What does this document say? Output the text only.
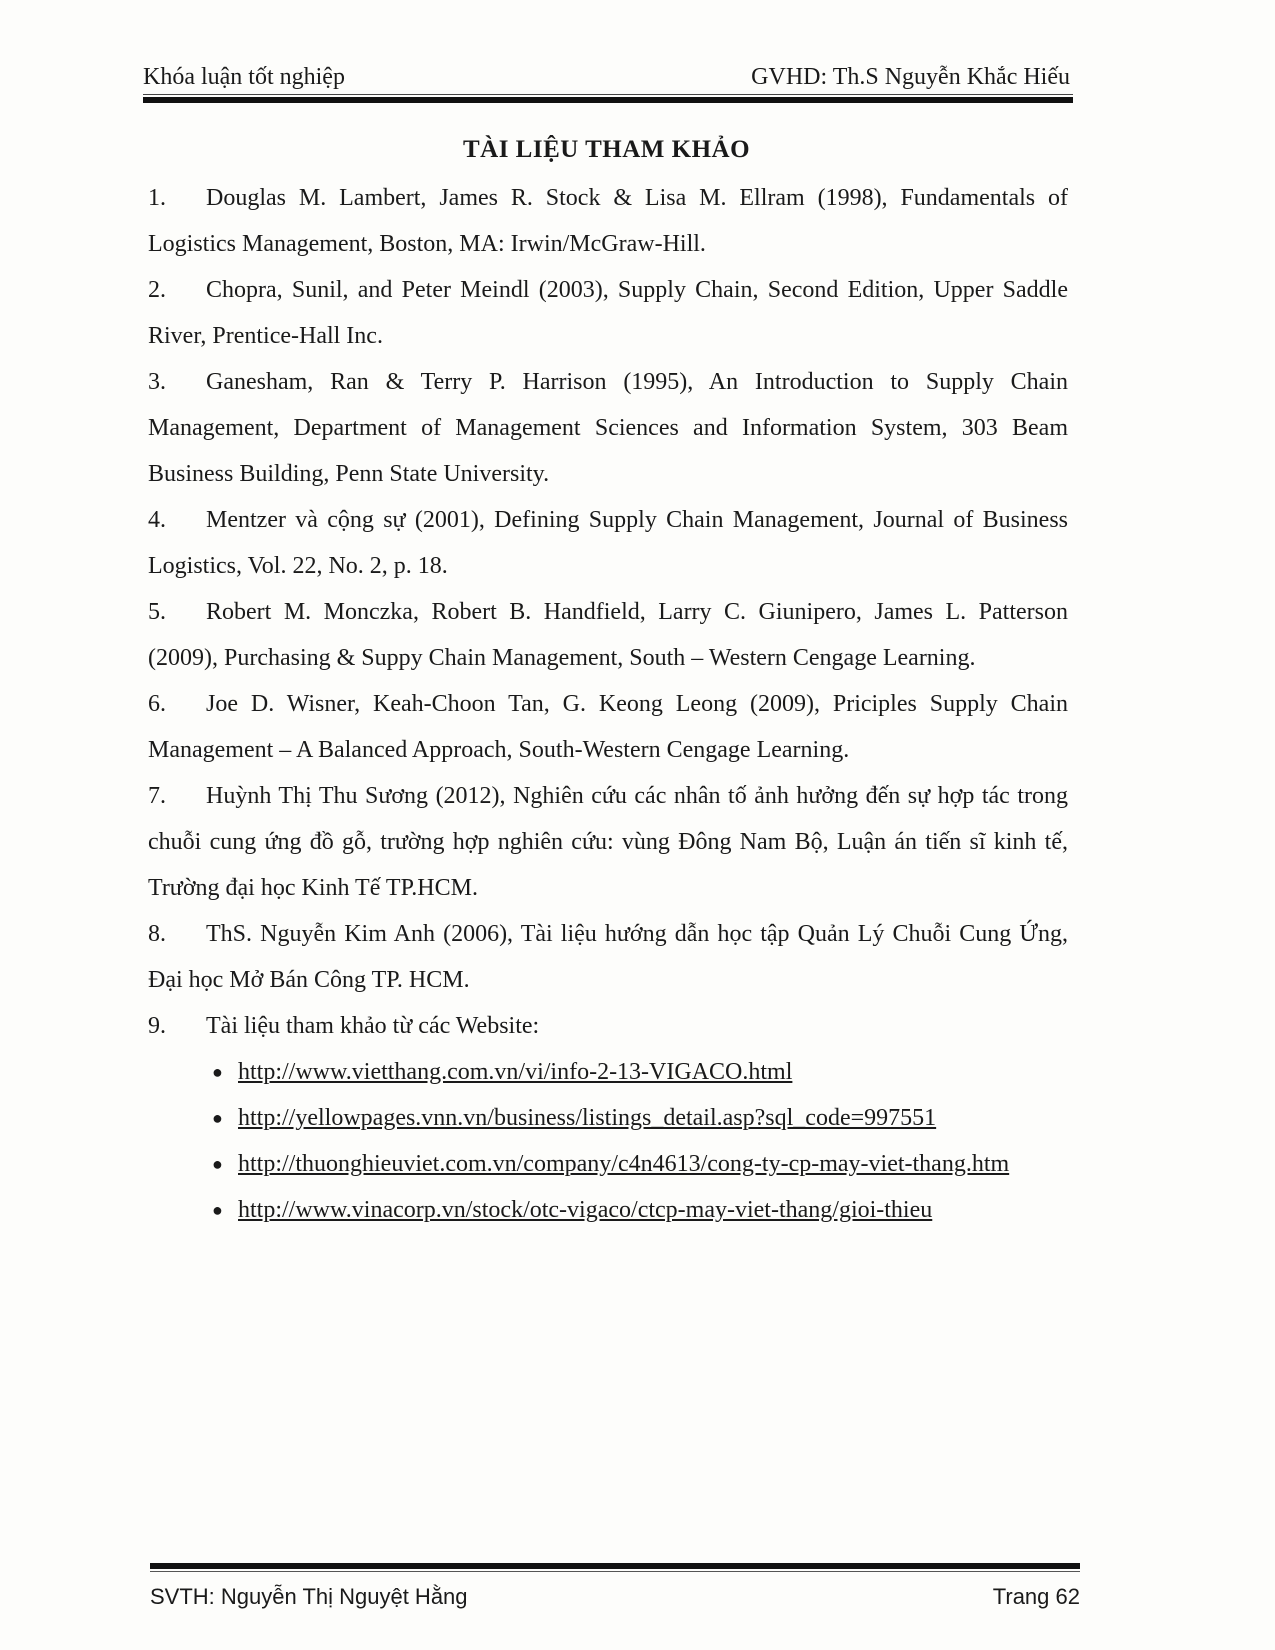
Khóa luận tốt nghiệp	GVHD: Th.S Nguyễn Khắc Hiếu
TÀI LIỆU THAM KHẢO

1. Douglas M. Lambert, James R. Stock & Lisa M. Ellram (1998), Fundamentals of Logistics Management, Boston, MA: Irwin/McGraw-Hill.

2. Chopra, Sunil, and Peter Meindl (2003), Supply Chain, Second Edition, Upper Saddle River, Prentice-Hall Inc.

3. Ganesham, Ran & Terry P. Harrison (1995), An Introduction to Supply Chain Management, Department of Management Sciences and Information System, 303 Beam Business Building, Penn State University.

4. Mentzer và cộng sự (2001), Defining Supply Chain Management, Journal of Business Logistics, Vol. 22, No. 2, p. 18.

5. Robert M. Monczka, Robert B. Handfield, Larry C. Giunipero, James L. Patterson (2009), Purchasing & Suppy Chain Management, South – Western Cengage Learning.

6. Joe D. Wisner, Keah-Choon Tan, G. Keong Leong (2009), Priciples Supply Chain Management – A Balanced Approach, South-Western Cengage Learning.

7. Huỳnh Thị Thu Sương (2012), Nghiên cứu các nhân tố ảnh hưởng đến sự hợp tác trong chuỗi cung ứng đồ gỗ, trường hợp nghiên cứu: vùng Đông Nam Bộ, Luận án tiến sĩ kinh tế, Trường đại học Kinh Tế TP.HCM.

8. ThS. Nguyễn Kim Anh (2006), Tài liệu hướng dẫn học tập Quản Lý Chuỗi Cung Ứng, Đại học Mở Bán Công TP. HCM.

9. Tài liệu tham khảo từ các Website:

● http://www.vietthang.com.vn/vi/info-2-13-VIGACO.html
● http://yellowpages.vnn.vn/business/listings_detail.asp?sql_code=997551
● http://thuonghieuviet.com.vn/company/c4n4613/cong-ty-cp-may-viet-thang.htm
● http://www.vinacorp.vn/stock/otc-vigaco/ctcp-may-viet-thang/gioi-thieu
SVTH: Nguyễn Thị Nguyệt Hằng	Trang 62
